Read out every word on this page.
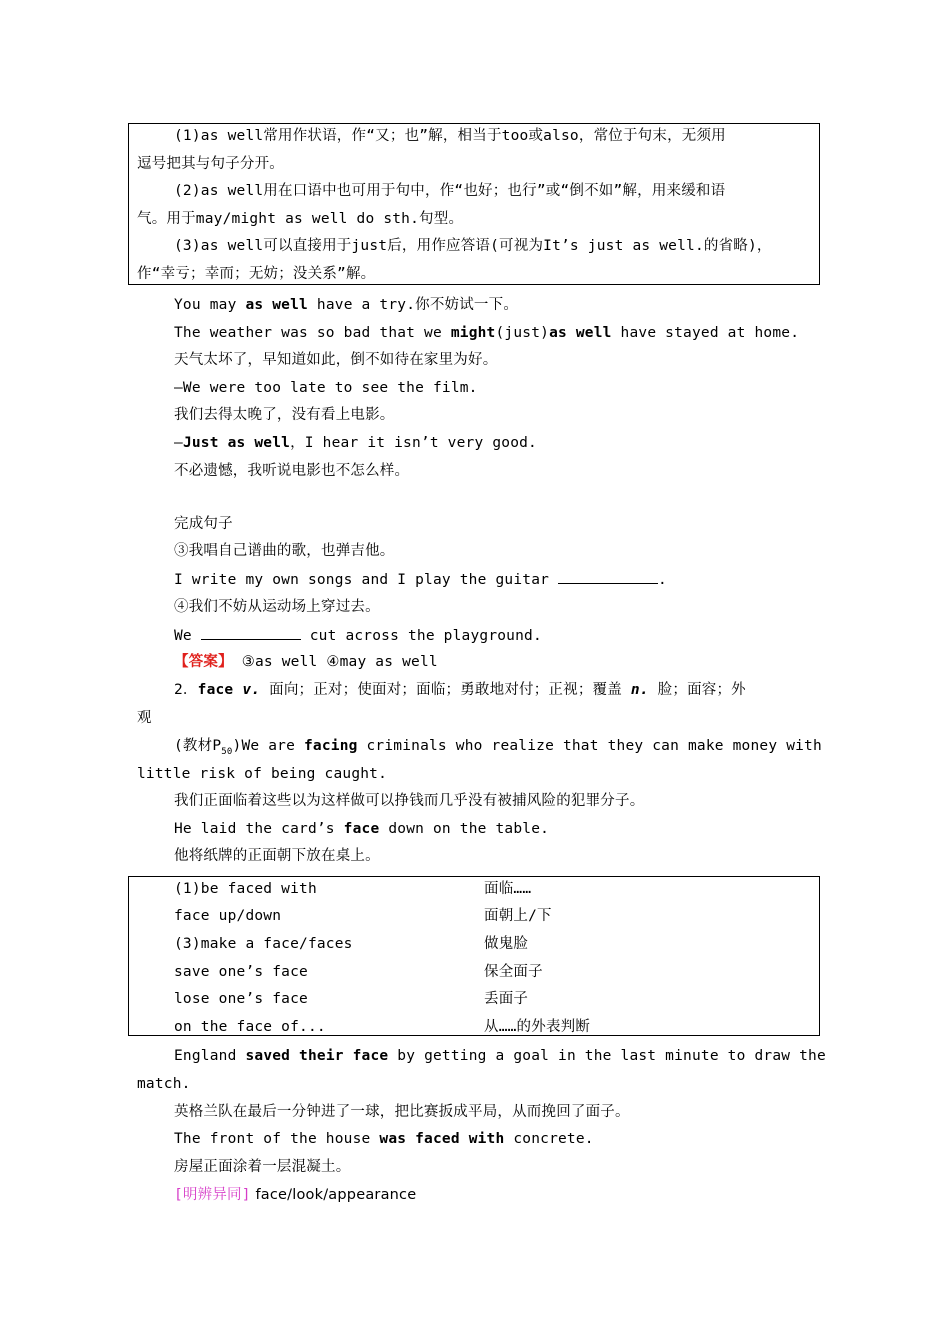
(1)as well常用作状语，作“又；也”解，相当于too或also，常位于句末，无须用
逗号把其与句子分开。
(2)as well用在口语中也可用于句中，作“也好；也行”或“倒不如”解，用来缓和语
气。用于may/might as well do sth.句型。
(3)as well可以直接用于just后，用作应答语(可视为It’s just as well.的省略)，
作“幸亏；幸而；无妨；没关系”解。
You may as well have a try.你不妨试一下。
The weather was so bad that we might(just)as well have stayed at home.
天气太坏了，早知道如此，倒不如待在家里为好。
—We were too late to see the film.
我们去得太晚了，没有看上电影。
—Just as well，I hear it isn’t very good.
不必遗憾，我听说电影也不怎么样。
完成句子
③我唱自己谱曲的歌，也弹吉他。
I write my own songs and I play the guitar	.
④我们不妨从运动场上穿过去。
We	cut across the playground.
【答案】 ③as well ④may as well
2．face v. 面向；正对；使面对；面临；勇敢地对付；正视；覆盖 n. 脸；面容；外
观
(教材$P_{50})We$ are facing criminals who realize that they can make money with
little risk of being caught.
我们正面临着这些以为这样做可以挣钱而几乎没有被捕风险的犯罪分子。
He laid the card’s face down on the table.
他将纸牌的正面朝下放在桌上。
(1)be faced with	面临……
face up/down	面朝上/下
(3)make a face/faces	做鬼脸
save one’s face	保全面子
lose one’s face	丢面子
on the face of...	从……的外表判断
England saved their face by getting a goal in the last minute to draw the
match.
英格兰队在最后一分钟进了一球，把比赛扳成平局，从而挽回了面子。
The front of the house was faced with concrete.
房屋正面涂着一层混凝土。
[明辨异同] face/look/appearance
